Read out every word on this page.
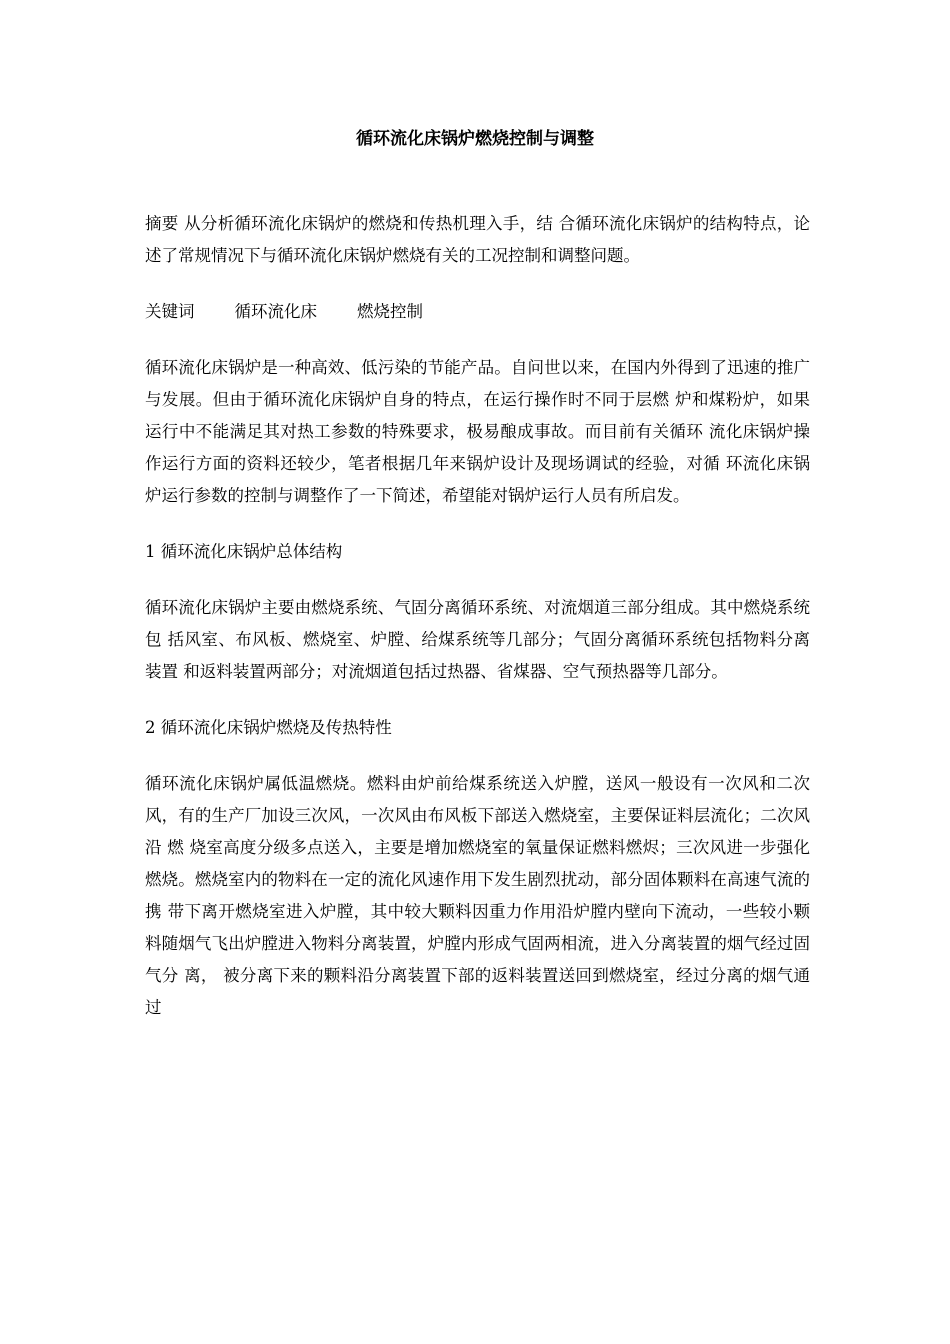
循环流化床锅炉燃烧控制与调整

摘要 从分析循环流化床锅炉的燃烧和传热机理入手，结 合循环流化床锅炉的结构特点，论述了常规情况下与循环流化床锅炉燃烧有关的工况控制和调整问题。

关键词 循环流化床 燃烧控制

循环流化床锅炉是一种高效、低污染的节能产品。自问世以来，在国内外得到了迅速的推广与发展。但由于循环流化床锅炉自身的特点，在运行操作时不同于层燃 炉和煤粉炉，如果运行中不能满足其对热工参数的特殊要求，极易酿成事故。而目前有关循环 流化床锅炉操作运行方面的资料还较少，笔者根据几年来锅炉设计及现场调试的经验，对循 环流化床锅炉运行参数的控制与调整作了一下简述，希望能对锅炉运行人员有所启发。

1 循环流化床锅炉总体结构

循环流化床锅炉主要由燃烧系统、气固分离循环系统、对流烟道三部分组成。其中燃烧系统包 括风室、布风板、燃烧室、炉膛、给煤系统等几部分；气固分离循环系统包括物料分离装置 和返料装置两部分；对流烟道包括过热器、省煤器、空气预热器等几部分。

2 循环流化床锅炉燃烧及传热特性

循环流化床锅炉属低温燃烧。燃料由炉前给煤系统送入炉膛，送风一般设有一次风和二次风，有的生产厂加设三次风，一次风由布风板下部送入燃烧室，主要保证料层流化；二次风沿 燃 烧室高度分级多点送入，主要是增加燃烧室的氧量保证燃料燃烬；三次风进一步强化燃烧。燃烧室内的物料在一定的流化风速作用下发生剧烈扰动，部分固体颗料在高速气流的携 带下离开燃烧室进入炉膛，其中较大颗料因重力作用沿炉膛内壁向下流动，一些较小颗料随烟气飞出炉膛进入物料分离装置，炉膛内形成气固两相流，进入分离装置的烟气经过固气分 离， 被分离下来的颗料沿分离装置下部的返料装置送回到燃烧室，经过分离的烟气通过
